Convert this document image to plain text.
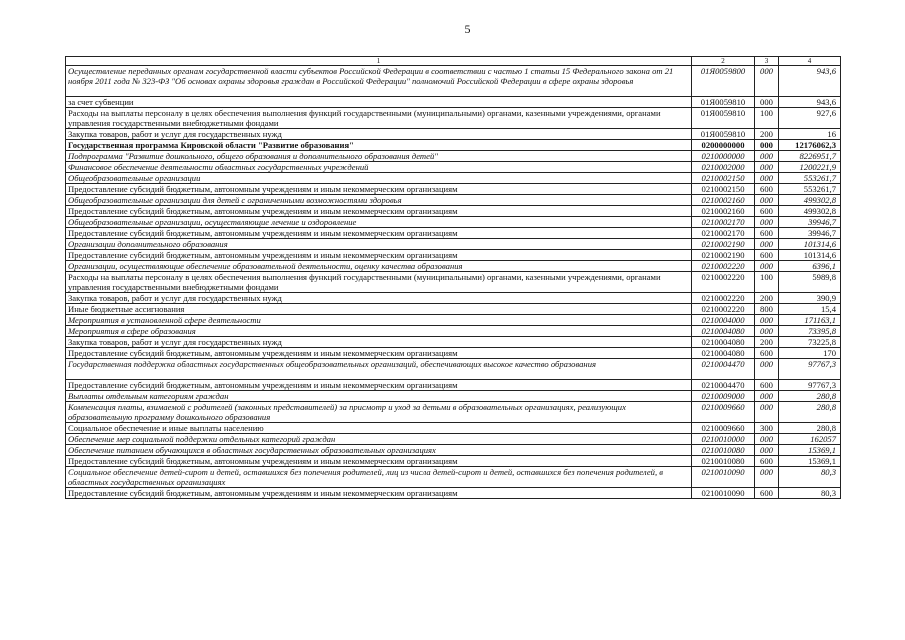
5
1	2	3	4
Осуществление переданных органам государственной власти субъектов Российской Федерации в соответствии с частью 1 статьи 15 Федерального закона от 21 ноября 2011 года № 323-ФЗ "Об основах охраны здоровья граждан в Российской Федерации" полномочий Российской Федерации в сфере охраны здоровья	01Я0059800	000	943,6
за счет субвенции	01Я0059810	000	943,6
Расходы на выплаты персоналу в целях обеспечения выполнения функций государственными (муниципальными) органами, казенными учреждениями, органами управления государственными внебюджетными фондами	01Я0059810	100	927,6
Закупка товаров, работ и услуг для государственных нужд	01Я0059810	200	16
Государственная программа Кировской области "Развитие образования"	0200000000	000	12176062,3
Подпрограмма "Развитие дошкольного, общего образования и дополнительного образования детей"	0210000000	000	8226951,7
Финансовое обеспечение деятельности областных государственных учреждений	0210002000	000	1200221,9
Общеобразовательные организации	0210002150	000	553261,7
Предоставление субсидий бюджетным, автономным учреждениям и иным некоммерческим организациям	0210002150	600	553261,7
Общеобразовательные организации для детей с ограниченными возможностями здоровья	0210002160	000	499302,8
Предоставление субсидий бюджетным, автономным учреждениям и иным некоммерческим организациям	0210002160	600	499302,8
Общеобразовательные организации, осуществляющие лечение и оздоровление	0210002170	000	39946,7
Предоставление субсидий бюджетным, автономным учреждениям и иным некоммерческим организациям	0210002170	600	39946,7
Организации дополнительного образования	0210002190	000	101314,6
Предоставление субсидий бюджетным, автономным учреждениям и иным некоммерческим организациям	0210002190	600	101314,6
Организации, осуществляющие обеспечение образовательной деятельности, оценку качества образования	0210002220	000	6396,1
Расходы на выплаты персоналу в целях обеспечения выполнения функций государственными (муниципальными) органами, казенными учреждениями, органами управления государственными внебюджетными фондами	0210002220	100	5989,8
Закупка товаров, работ и услуг для государственных нужд	0210002220	200	390,9
Иные бюджетные ассигнования	0210002220	800	15,4
Мероприятия в установленной сфере деятельности	0210004000	000	171163,1
Мероприятия в сфере образования	0210004080	000	73395,8
Закупка товаров, работ и услуг для государственных нужд	0210004080	200	73225,8
Предоставление субсидий бюджетным, автономным учреждениям и иным некоммерческим организациям	0210004080	600	170
Государственная поддержка областных государственных общеобразовательных организаций, обеспечивающих высокое качество образования	0210004470	000	97767,3
Предоставление субсидий бюджетным, автономным учреждениям и иным некоммерческим организациям	0210004470	600	97767,3
Выплаты отдельным категориям граждан	0210009000	000	280,8
Компенсация платы, взимаемой с родителей (законных представителей) за присмотр и уход за детьми в образовательных организациях, реализующих образовательную программу дошкольного образования	0210009660	000	280,8
Социальное обеспечение и иные выплаты населению	0210009660	300	280,8
Обеспечение мер социальной поддержки отдельных категорий граждан	0210010000	000	162057
Обеспечение питанием обучающихся в областных государственных образовательных организациях	0210010080	000	15369,1
Предоставление субсидий бюджетным, автономным учреждениям и иным некоммерческим организациям	0210010080	600	15369,1
Социальное обеспечение детей-сирот и детей, оставшихся без попечения родителей, лиц из числа детей-сирот и детей, оставшихся без попечения родителей, в областных государственных организациях	0210010090	000	80,3
Предоставление субсидий бюджетным, автономным учреждениям и иным некоммерческим организациям	0210010090	600	80,3
